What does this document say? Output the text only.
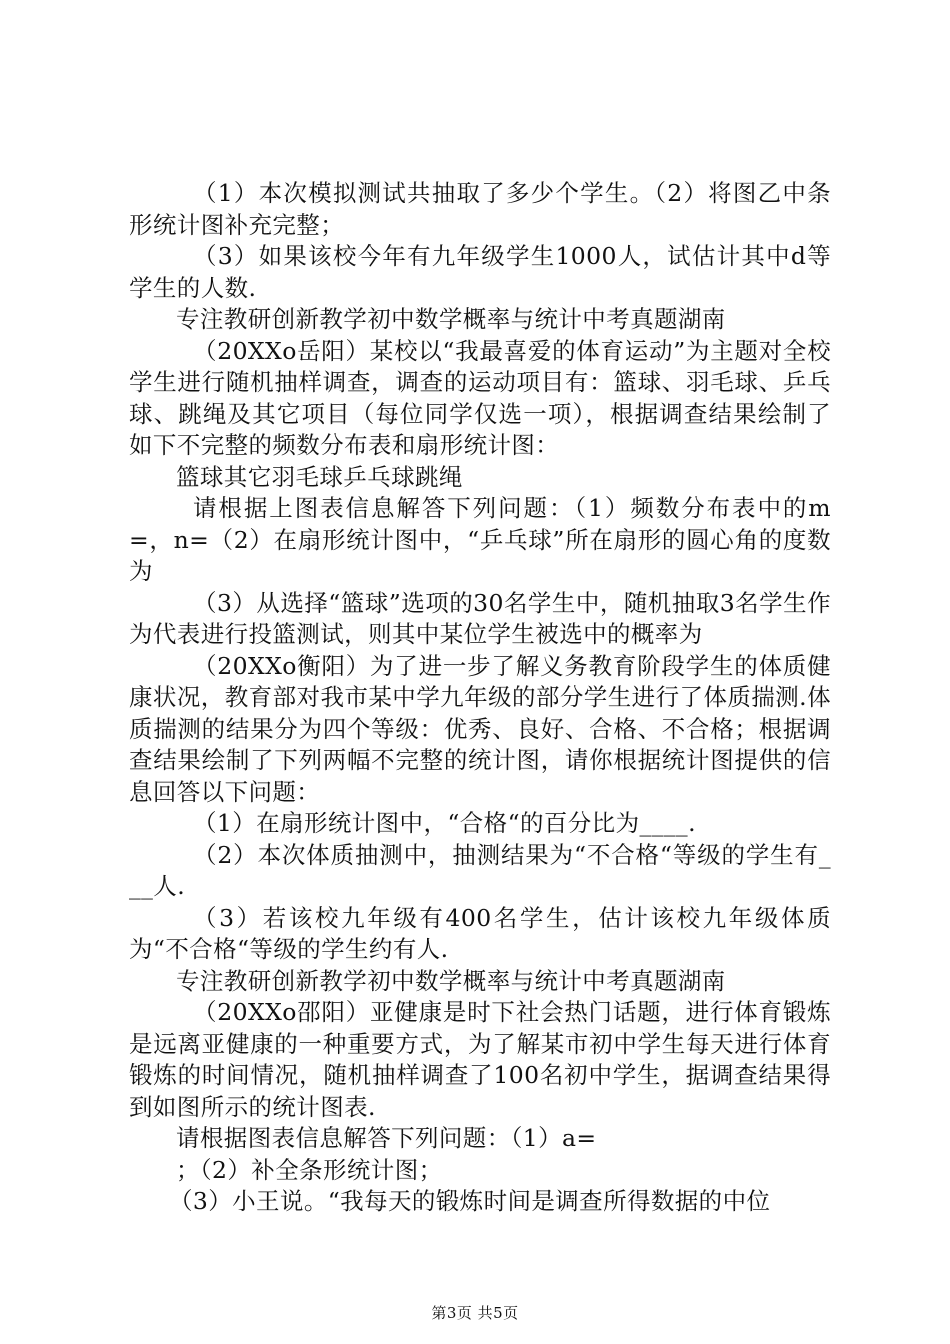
（1）本次模拟测试共抽取了多少个学生。（2）将图乙中条形统计图补充完整；

（3）如果该校今年有九年级学生1000人，试估计其中d等学生的人数.

专注教研创新教学初中数学概率与统计中考真题湖南

（20XXo岳阳）某校以“我最喜爱的体育运动”为主题对全校学生进行随机抽样调查，调查的运动项目有：篮球、羽毛球、乒乓球、跳绳及其它项目（每位同学仅选一项），根据调查结果绘制了如下不完整的频数分布表和扇形统计图：

篮球其它羽毛球乒乓球跳绳

请根据上图表信息解答下列问题：（1）频数分布表中的m=，n=（2）在扇形统计图中，“乒乓球”所在扇形的圆心角的度数为

（3）从选择“篮球”选项的30名学生中，随机抽取3名学生作为代表进行投篮测试，则其中某位学生被选中的概率为

（20XXo衡阳）为了进一步了解义务教育阶段学生的体质健康状况，教育部对我市某中学九年级的部分学生进行了体质揣测.体质揣测的结果分为四个等级：优秀、良好、合格、不合格；根据调查结果绘制了下列两幅不完整的统计图，请你根据统计图提供的信息回答以下问题：

（1）在扇形统计图中，“合格“的百分比为____.

（2）本次体质抽测中，抽测结果为“不合格“等级的学生有___人.

（3）若该校九年级有400名学生，估计该校九年级体质为“不合格“等级的学生约有人.

专注教研创新教学初中数学概率与统计中考真题湖南

（20XXo邵阳）亚健康是时下社会热门话题，进行体育锻炼是远离亚健康的一种重要方式，为了解某市初中学生每天进行体育锻炼的时间情况，随机抽样调查了100名初中学生，据调查结果得到如图所示的统计图表.

请根据图表信息解答下列问题：（1）a=

；（2）补全条形统计图；

（3）小王说。“我每天的锻炼时间是调查所得数据的中位

第3页 共5页
